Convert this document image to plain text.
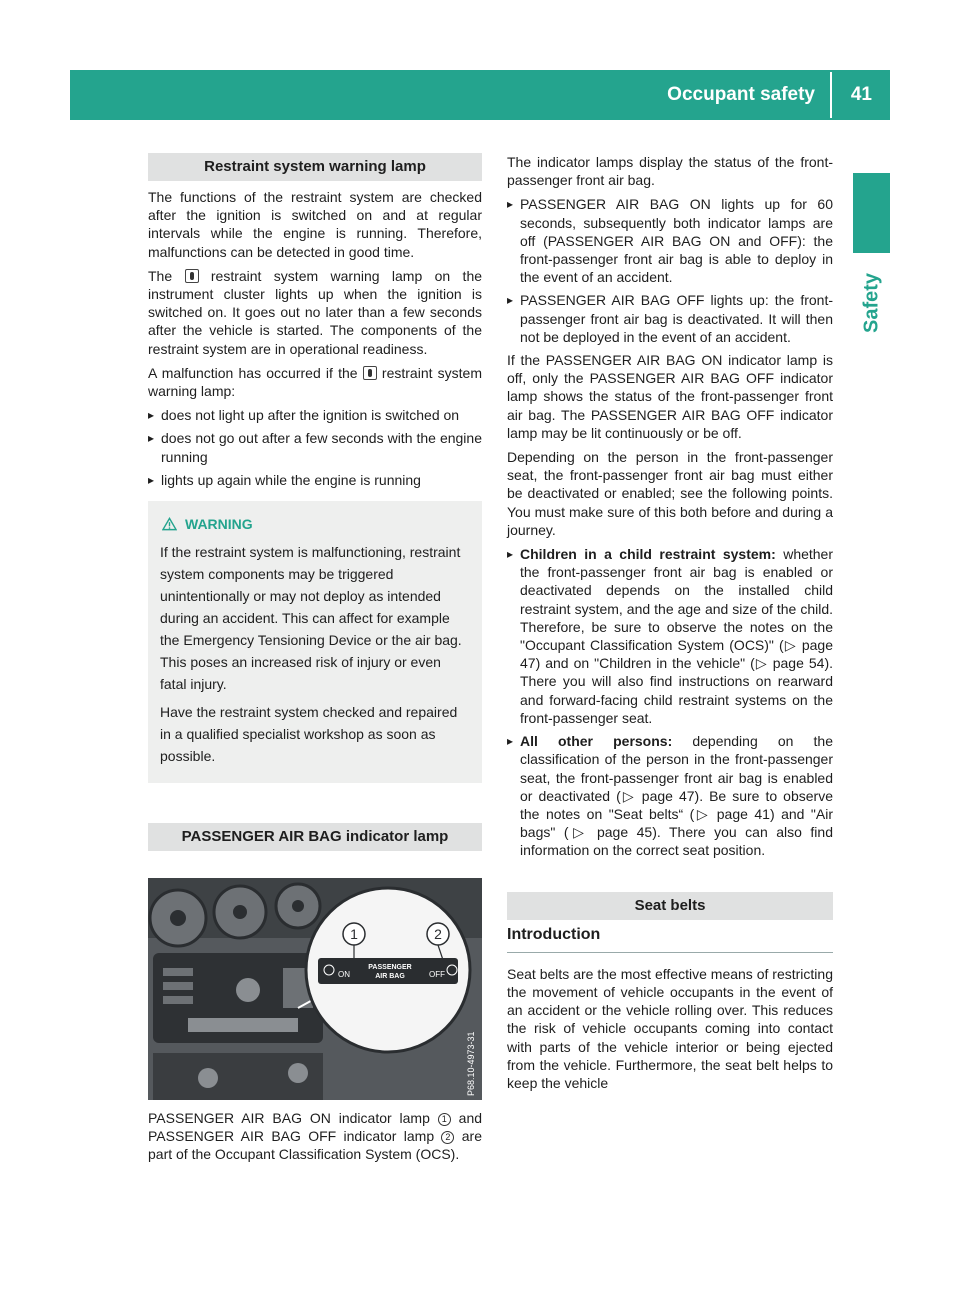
Occupant safety 41
Safety
Restraint system warning lamp

The functions of the restraint system are checked after the ignition is switched on and at regular intervals while the engine is running. Therefore, malfunctions can be detected in good time.

The	restraint system warning lamp on the instrument cluster lights up when the ignition is switched on. It goes out no later than a few seconds after the vehicle is started. The components of the restraint system are in operational readiness.

A malfunction has occurred if the restraint system warning lamp:

▸ does not light up after the ignition is switched on
▸ does not go out after a few seconds with the engine running
▸ lights up again while the engine is running
WARNING

If the restraint system is malfunctioning, restraint system components may be triggered unintentionally or may not deploy as intended during an accident. This can affect for example the Emergency Tensioning Device or the air bag. This poses an increased risk of injury or even fatal injury.

Have the restraint system checked and repaired in a qualified specialist workshop as soon as possible.

PASSENGER AIR BAG indicator lamp
1	2
ON
PASSENGER
AIR BAG	OFF
P68.10-4973-31

PASSENGER AIR BAG ON indicator lamp 1 and PASSENGER AIR BAG OFF indicator lamp 2 are part of the Occupant Classification System (OCS).

The indicator lamps display the status of the front-passenger front air bag.

▸ PASSENGER AIR BAG ON lights up for 60 seconds, subsequently both indicator lamps are off (PASSENGER AIR BAG ON and OFF): the front-passenger front air bag is able to deploy in the event of an accident.
▸ PASSENGER AIR BAG OFF lights up: the front-passenger front air bag is deactivated. It will then not be deployed in the event of an accident.

If the PASSENGER AIR BAG ON indicator lamp is off, only the PASSENGER AIR BAG OFF indicator lamp shows the status of the front-passenger front air bag. The PASSENGER AIR BAG OFF indicator lamp may be lit continuously or be off.

Depending on the person in the front-passenger seat, the front-passenger front air bag must either be deactivated or enabled; see the following points. You must make sure of this both before and during a journey.

▸ Children in a child restraint system: whether the front-passenger front air bag is enabled or deactivated depends on the installed child restraint system, and the age and size of the child. Therefore, be sure to observe the notes on the "Occupant Classification System (OCS)" (▷ page 47) and on "Children in the vehicle" (▷ page 54). There you will also find instructions on rearward and forward-facing child restraint systems on the front-passenger seat.
▸ All other persons: depending on the classification of the person in the front-passenger seat, the front-passenger front air bag is enabled or deactivated (▷ page 47). Be sure to observe the notes on "Seat belts“ (▷ page 41) and "Air bags" (▷ page 45). There you can also find information on the correct seat position.
Seat belts
Introduction

Seat belts are the most effective means of restricting the movement of vehicle occupants in the event of an accident or the vehicle rolling over. This reduces the risk of vehicle occupants coming into contact with parts of the vehicle interior or being ejected from the vehicle. Furthermore, the seat belt helps to keep the vehicle
